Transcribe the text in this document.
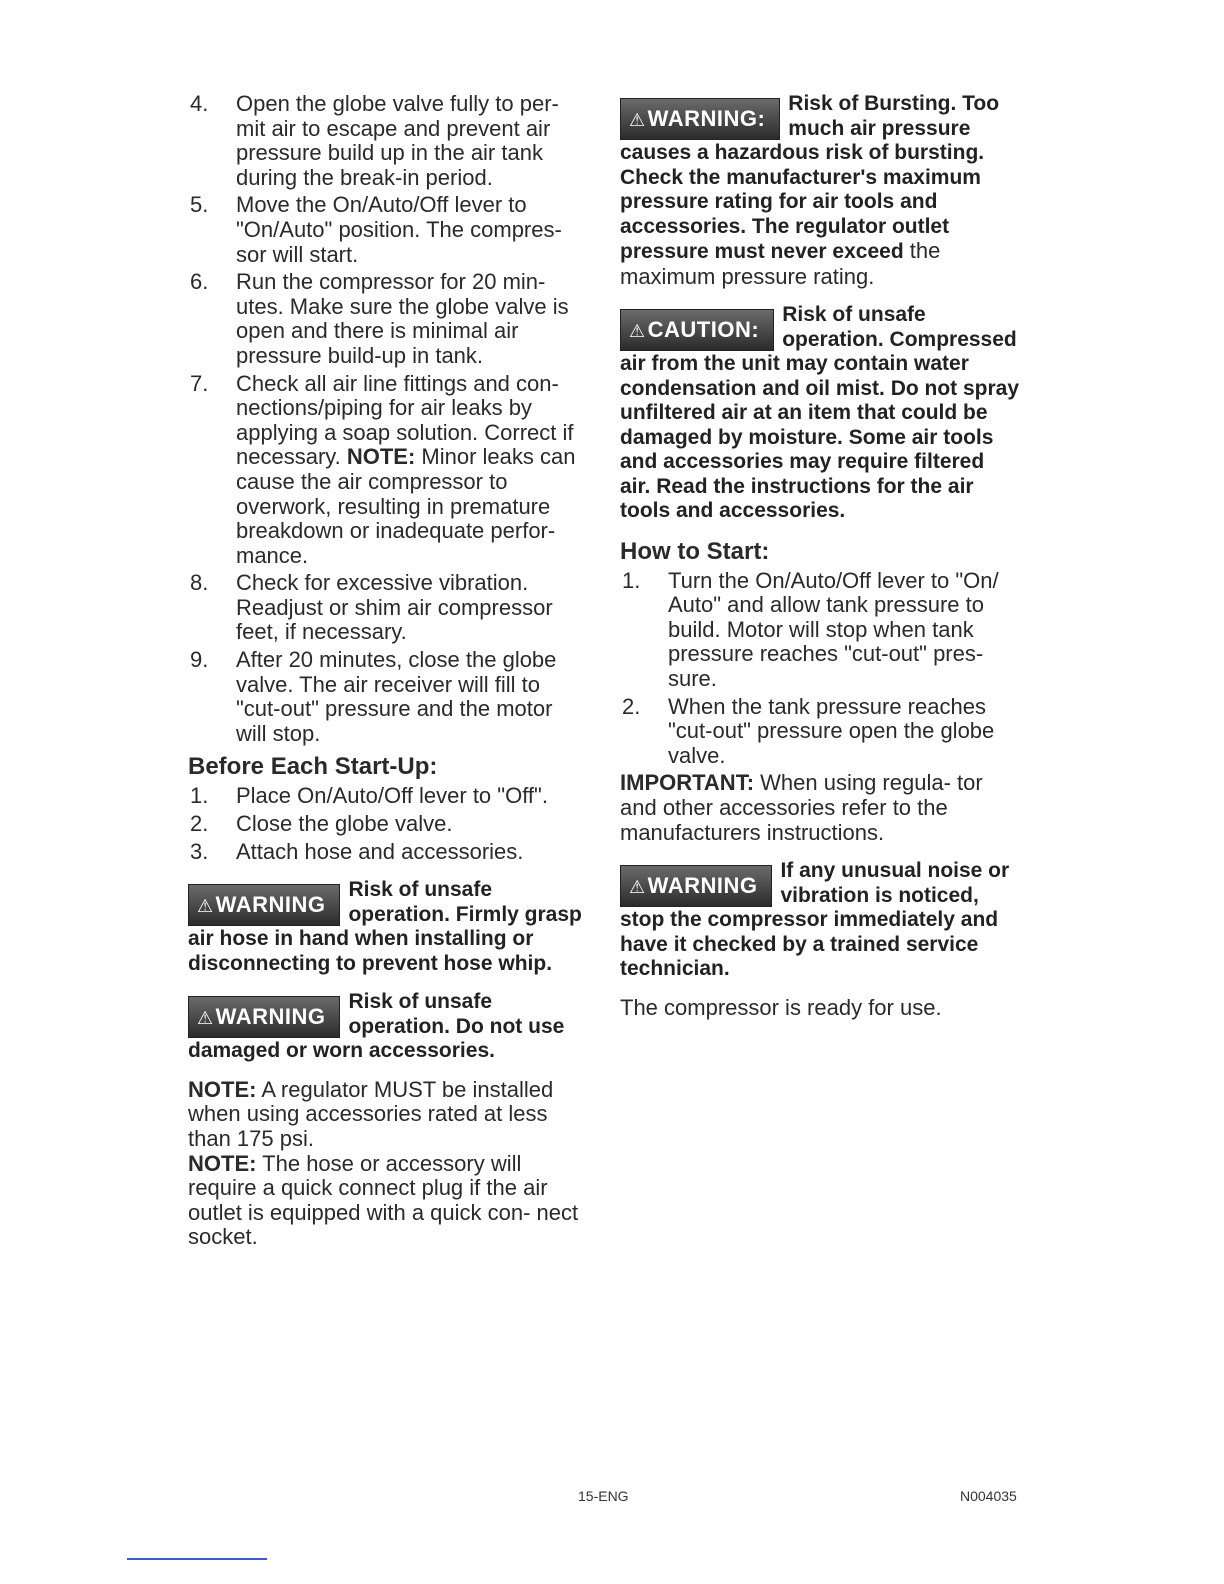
4. Open the globe valve fully to per- mit air to escape and prevent air pressure build up in the air tank during the break-in period.
5. Move the On/Auto/Off lever to "On/Auto" position. The compres- sor will start.
6. Run the compressor for 20 min- utes. Make sure the globe valve is open and there is minimal air pressure build-up in tank.
7. Check all air line fittings and con- nections/piping for air leaks by applying a soap solution. Correct if necessary. NOTE: Minor leaks can cause the air compressor to overwork, resulting in premature breakdown or inadequate perfor- mance.
8. Check for excessive vibration. Readjust or shim air compressor feet, if necessary.
9. After 20 minutes, close the globe valve. The air receiver will fill to "cut-out" pressure and the motor will stop.
Before Each Start-Up:
1. Place On/Auto/Off lever to "Off".
2. Close the globe valve.
3. Attach hose and accessories.
⚠WARNING
Risk of unsafe operation. Firmly grasp air hose in hand when installing or disconnecting to prevent hose whip.
⚠WARNING
Risk of unsafe operation. Do not use damaged or worn accessories.

NOTE: A regulator MUST be installed when using accessories rated at less than 175 psi.

NOTE: The hose or accessory will require a quick connect plug if the air outlet is equipped with a quick con- nect socket.

⚠WARNING:
Risk of Bursting. Too much air pressure causes a hazardous risk of bursting. Check the manufacturer's maximum pressure rating for air tools and accessories. The regulator outlet pressure must never exceed the maximum pressure rating.
⚠CAUTION:
Risk of unsafe operation. Compressed air from the unit may contain water condensation and oil mist. Do not spray unfiltered air at an item that could be damaged by moisture. Some air tools and accessories may require filtered air. Read the instructions for the air tools and accessories.
How to Start:
1. Turn the On/Auto/Off lever to "On/ Auto" and allow tank pressure to build. Motor will stop when tank pressure reaches "cut-out" pres- sure.
2. When the tank pressure reaches "cut-out" pressure open the globe valve.

IMPORTANT: When using regula- tor and other accessories refer to the manufacturers instructions.

⚠WARNING
If any unusual noise or vibration is noticed, stop the compressor immediately and have it checked by a trained service technician.

The compressor is ready for use.

15-ENG	N004035
